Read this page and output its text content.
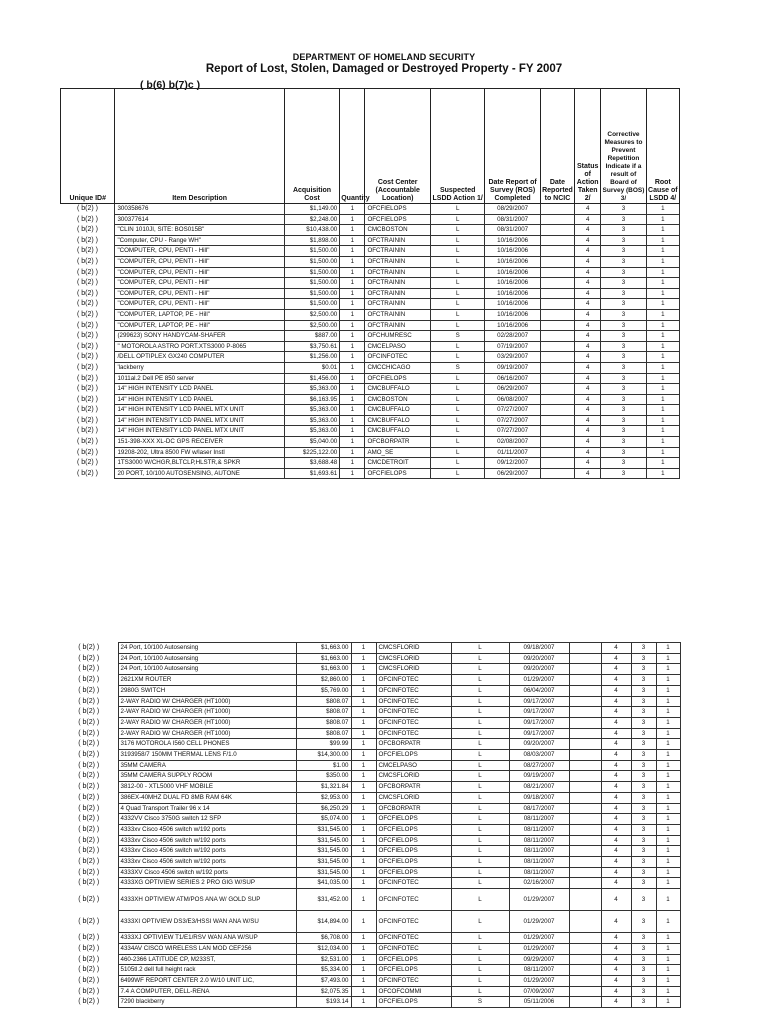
DEPARTMENT OF HOMELAND SECURITY
Report of Lost, Stolen, Damaged or Destroyed Property - FY 2007
( b(6) b(7)c )
Unique ID#	Item Description	Acquisition Cost	Quantity	Cost Center (Accountable Location)	Suspected LSDD Action 1/	Date Report of Survey (ROS) Completed	Date Reported to NCIC	Status of Action Taken 2/	Corrective Measures to Prevent Repetition Indicate if a result of Board of Survey (BOS) 3/	Root Cause of LSDD 4/
( b(2) )	300358676	$1,149.00	1	OFCFIELOPS	L	08/29/2007		4	3	1
( b(2) )	300377614	$2,248.00	1	OFCFIELOPS	L	08/31/2007		4	3	1
( b(2) )	"CLIN 1010JI, SITE: BOS015B"	$10,438.00	1	CMCBOSTON	L	08/31/2007		4	3	1
( b(2) )	"Computer, CPU - Range WH"	$1,898.00	1	OFCTRAININ	L	10/16/2006		4	3	1
( b(2) )	"COMPUTER, CPU, PENTI - Hill"	$1,500.00	1	OFCTRAININ	L	10/16/2006		4	3	1
( b(2) )	"COMPUTER, CPU, PENTI - Hill"	$1,500.00	1	OFCTRAININ	L	10/16/2006		4	3	1
( b(2) )	"COMPUTER, CPU, PENTI - Hill"	$1,500.00	1	OFCTRAININ	L	10/16/2006		4	3	1
( b(2) )	"COMPUTER, CPU, PENTI - Hill"	$1,500.00	1	OFCTRAININ	L	10/16/2006		4	3	1
( b(2) )	"COMPUTER, CPU, PENTI - Hill"	$1,500.00	1	OFCTRAININ	L	10/16/2006		4	3	1
( b(2) )	"COMPUTER, CPU, PENTI - Hill"	$1,500.00	1	OFCTRAININ	L	10/16/2006		4	3	1
( b(2) )	"COMPUTER, LAPTOP, PE - Hill"	$2,500.00	1	OFCTRAININ	L	10/16/2006		4	3	1
( b(2) )	"COMPUTER, LAPTOP, PE - Hill"	$2,500.00	1	OFCTRAININ	L	10/16/2006		4	3	1
( b(2) )	(299623) SONY HANDYCAM-SHAFER	$887.00	1	OFCHUMRESC	S	02/28/2007		4	3	1
( b(2) )	" MOTOROLA ASTRO PORT.XTS3000 P-8065	$3,750.61	1	CMCELPASO	L	07/19/2007		4	3	1
( b(2) )	/DELL OPTIPLEX GX240 COMPUTER	$1,256.00	1	OFCINFOTEC	L	03/29/2007		4	3	1
( b(2) )	'lackberry	$0.01	1	CMCCHICAGO	S	09/19/2007		4	3	1
( b(2) )	1011al.2 Dell PE 850 server	$1,456.00	1	OFCFIELOPS	L	06/16/2007		4	3	1
( b(2) )	14" HIGH INTENSITY LCD PANEL	$5,363.00	1	CMCBUFFALO	L	06/29/2007		4	3	1
( b(2) )	14" HIGH INTENSITY LCD PANEL	$6,163.95	1	CMCBOSTON	L	06/08/2007		4	3	1
( b(2) )	14" HIGH INTENSITY LCD PANEL MTX UNIT	$5,363.00	1	CMCBUFFALO	L	07/27/2007		4	3	1
( b(2) )	14" HIGH INTENSITY LCD PANEL MTX UNIT	$5,363.00	1	CMCBUFFALO	L	07/27/2007		4	3	1
( b(2) )	14" HIGH INTENSITY LCD PANEL MTX UNIT	$5,363.00	1	CMCBUFFALO	L	07/27/2007		4	3	1
( b(2) )	151-398-XXX XL-DC GPS RECEIVER	$5,040.00	1	OFCBORPATR	L	02/08/2007		4	3	1
( b(2) )	19208-202, Ultra 8500 FW w/laser Instl	$225,122.00	1	AMO_SE	L	01/11/2007		4	3	1
( b(2) )	1TS3000 W/CHGR,BLTCLP,HLSTR,& SPKR	$3,688.48	1	CMCDETROIT	L	09/12/2007		4	3	1
( b(2) )	20 PORT, 10/100 AUTOSENSING, AUTONE	$1,693.61	1	OFCFIELOPS	L	06/29/2007		4	3	1
( b(2) )	24 Port, 10/100 Autosensing	$1,663.00	1	CMCSFLORID	L	09/18/2007		4	3	1
( b(2) )	24 Port, 10/100 Autosensing	$1,663.00	1	CMCSFLORID	L	09/20/2007		4	3	1
( b(2) )	24 Port, 10/100 Autosensing	$1,663.00	1	CMCSFLORID	L	09/20/2007		4	3	1
( b(2) )	2621XM ROUTER	$2,860.00	1	OFCINFOTEC	L	01/29/2007		4	3	1
( b(2) )	2980G SWITCH	$5,769.00	1	OFCINFOTEC	L	06/04/2007		4	3	1
( b(2) )	2-WAY RADIO W/ CHARGER (HT1000)	$808.07	1	OFCINFOTEC	L	09/17/2007		4	3	1
( b(2) )	2-WAY RADIO W/ CHARGER (HT1000)	$808.07	1	OFCINFOTEC	L	09/17/2007		4	3	1
( b(2) )	2-WAY RADIO W/ CHARGER (HT1000)	$808.07	1	OFCINFOTEC	L	09/17/2007		4	3	1
( b(2) )	2-WAY RADIO W/ CHARGER (HT1000)	$808.07	1	OFCINFOTEC	L	09/17/2007		4	3	1
( b(2) )	3176 MOTOROLA I560 CELL PHONES	$99.99	1	OFCBORPATR	L	09/20/2007		4	3	1
( b(2) )	3193958/7 150MM THERMAL LENS F/1.0	$14,300.00	1	OFCFIELOPS	L	08/03/2007		4	3	1
( b(2) )	35MM CAMERA	$1.00	1	CMCELPASO	L	08/27/2007		4	3	1
( b(2) )	35MM CAMERA SUPPLY ROOM	$350.00	1	CMCSFLORID	L	09/19/2007		4	3	1
( b(2) )	3812-00 - XTL5000 VHF MOBILE	$1,321.84	1	OFCBORPATR	L	08/21/2007		4	3	1
( b(2) )	386EX-40MHZ DUAL FD 8MB RAM 64K	$2,953.00	1	CMCSFLORID	L	09/18/2007		4	3	1
( b(2) )	4 Quad Transport Trailer 96 x 14	$6,250.29	1	OFCBORPATR	L	08/17/2007		4	3	1
( b(2) )	4332VV Cisco 3750G switch 12 SFP	$5,074.00	1	OFCFIELOPS	L	08/11/2007		4	3	1
( b(2) )	4333xv Cisco 4506 switch w/192 ports	$31,545.00	1	OFCFIELOPS	L	08/11/2007		4	3	1
( b(2) )	4333xv Cisco 4506 switch w/192 ports	$31,545.00	1	OFCFIELOPS	L	08/11/2007		4	3	1
( b(2) )	4333xv Cisco 4506 switch w/192 ports	$31,545.00	1	OFCFIELOPS	L	08/11/2007		4	3	1
( b(2) )	4333xv Cisco 4506 switch w/192 ports	$31,545.00	1	OFCFIELOPS	L	08/11/2007		4	3	1
( b(2) )	4333XV Cisco 4506 switch w/192 ports	$31,545.00	1	OFCFIELOPS	L	08/11/2007		4	3	1
( b(2) )	4333XG OPTIVIEW SERIES 2 PRO GIG W/SUP	$41,035.00	1	OFCINFOTEC	L	02/16/2007		4	3	1
( b(2) )	4333XH OPTIVIEW ATM/POS ANA W/ GOLD SUP	$31,452.00	1	OFCINFOTEC	L	01/29/2007		4	3	1
( b(2) )	4333XI OPTIVIEW DS3/E3/HSSI WAN ANA W/SU	$14,894.00	1	OFCINFOTEC	L	01/29/2007		4	3	1
( b(2) )	4333XJ OPTIVIEW T1/E1/RSV WAN ANA W/SUP	$6,708.00	1	OFCINFOTEC	L	01/29/2007		4	3	1
( b(2) )	4334AV CISCO WIRELESS LAN MOD CEF256	$12,034.00	1	OFCINFOTEC	L	01/29/2007		4	3	1
( b(2) )	460-2366 LATITUDE CP, M233ST,	$2,531.00	1	OFCFIELOPS	L	09/29/2007		4	3	1
( b(2) )	5105tl.2 dell full height rack	$5,334.00	1	OFCFIELOPS	L	08/11/2007		4	3	1
( b(2) )	6499WF REPORT CENTER 2.0 W/10 UNIT LIC,	$7,493.00	1	OFCINFOTEC	L	01/29/2007		4	3	1
( b(2) )	7.4 A COMPUTER, DELL-RENA	$2,075.35	1	OFCOFCOMMI	L	07/09/2007		4	3	1
( b(2) )	7290 blackberry	$193.14	1	OFCFIELOPS	S	05/11/2006		4	3	1
